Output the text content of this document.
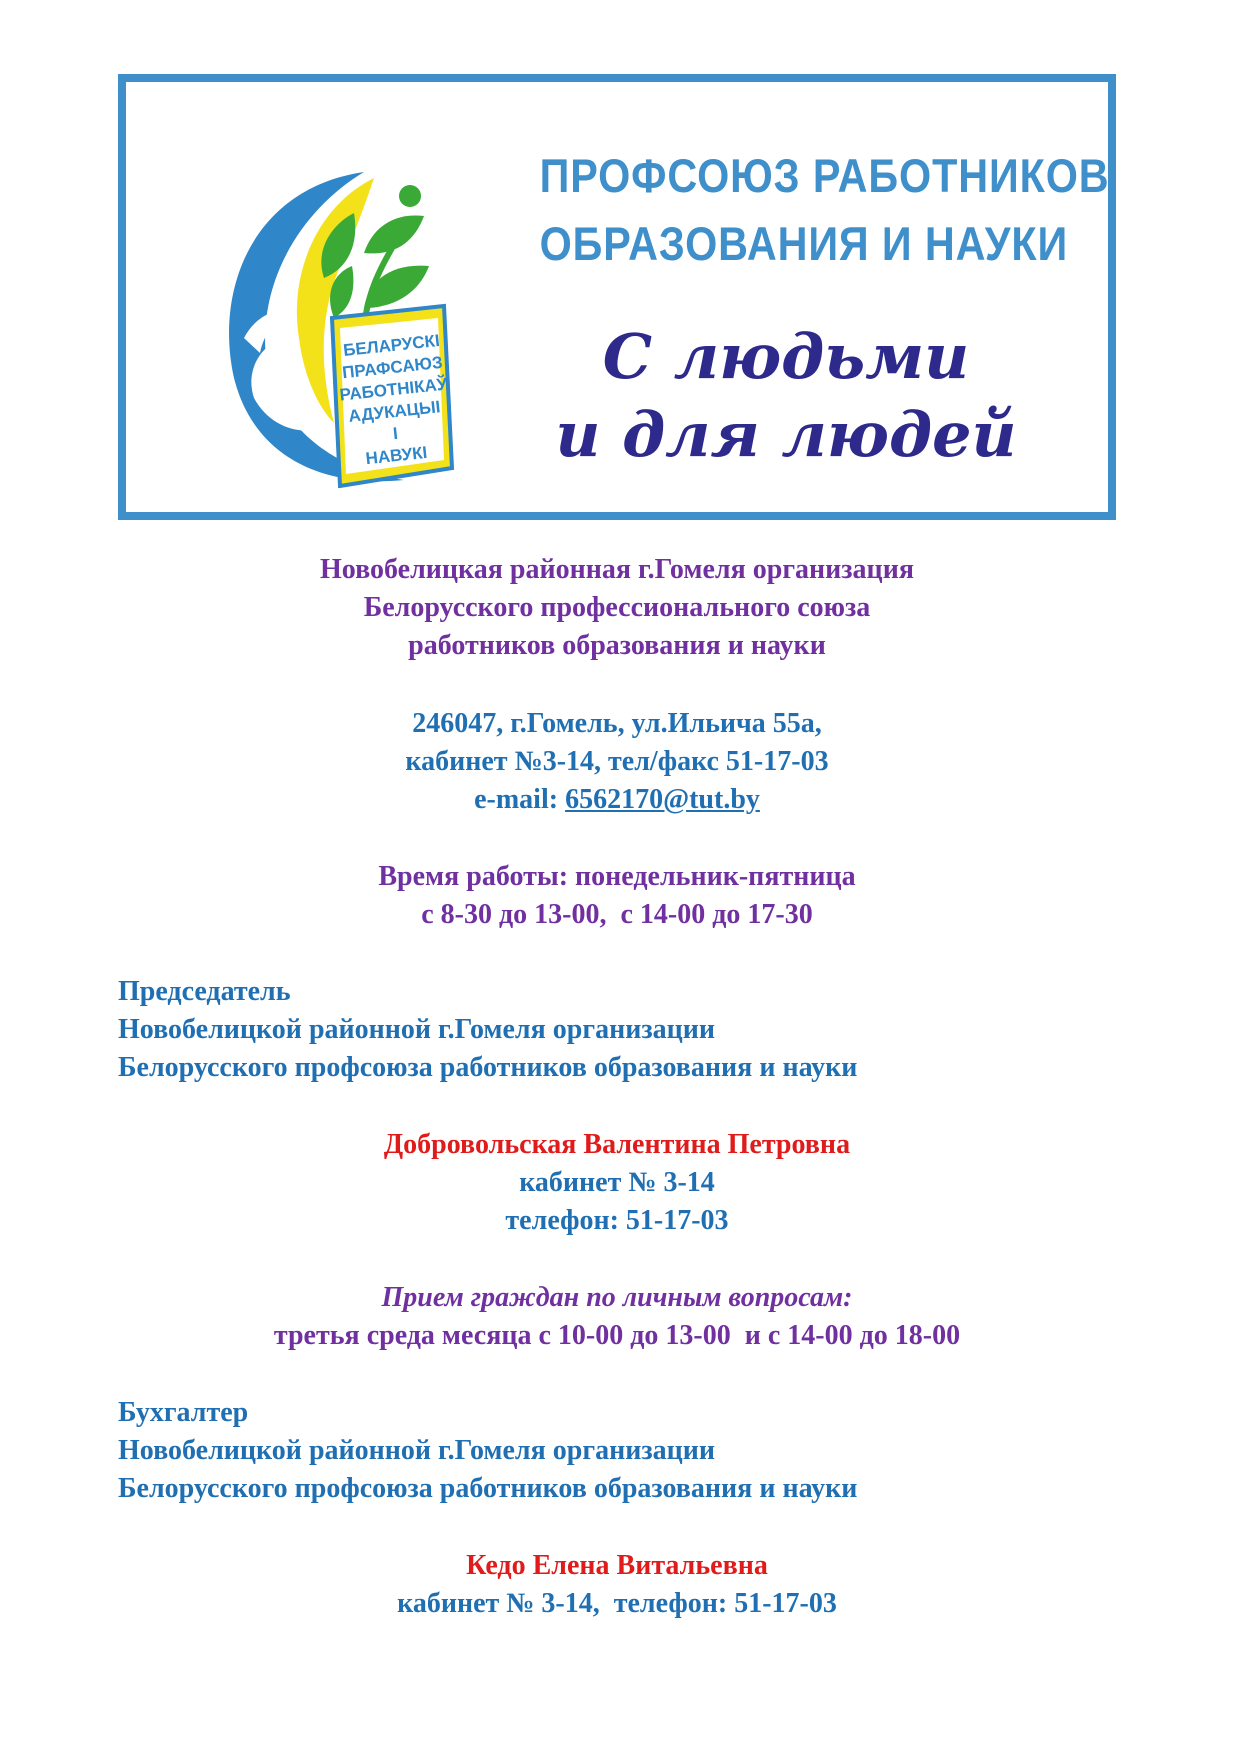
БЕЛАРУСКІ
ПРАФСАЮЗ
РАБОТНІКАЎ
АДУКАЦЫІ
І
НАВУКІ
ПРОФСОЮЗ РАБОТНИКОВ
ОБРАЗОВАНИЯ И НАУКИ
С людьми
и для людей
Новобелицкая районная г.Гомеля организация
Белорусского профессионального союза
работников образования и науки
246047, г.Гомель, ул.Ильича 55а,
кабинет №3-14, тел/факс 51-17-03
e-mail: 6562170@tut.by
Время работы: понедельник-пятница
с 8-30 до 13-00,  с 14-00 до 17-30
Председатель
Новобелицкой районной г.Гомеля организации
Белорусского профсоюза работников образования и науки
Добровольская Валентина Петровна
кабинет № 3-14
телефон: 51-17-03
Прием граждан по личным вопросам:
третья среда месяца с 10-00 до 13-00  и с 14-00 до 18-00
Бухгалтер
Новобелицкой районной г.Гомеля организации
Белорусского профсоюза работников образования и науки
Кедо Елена Витальевна
кабинет № 3-14,  телефон: 51-17-03
